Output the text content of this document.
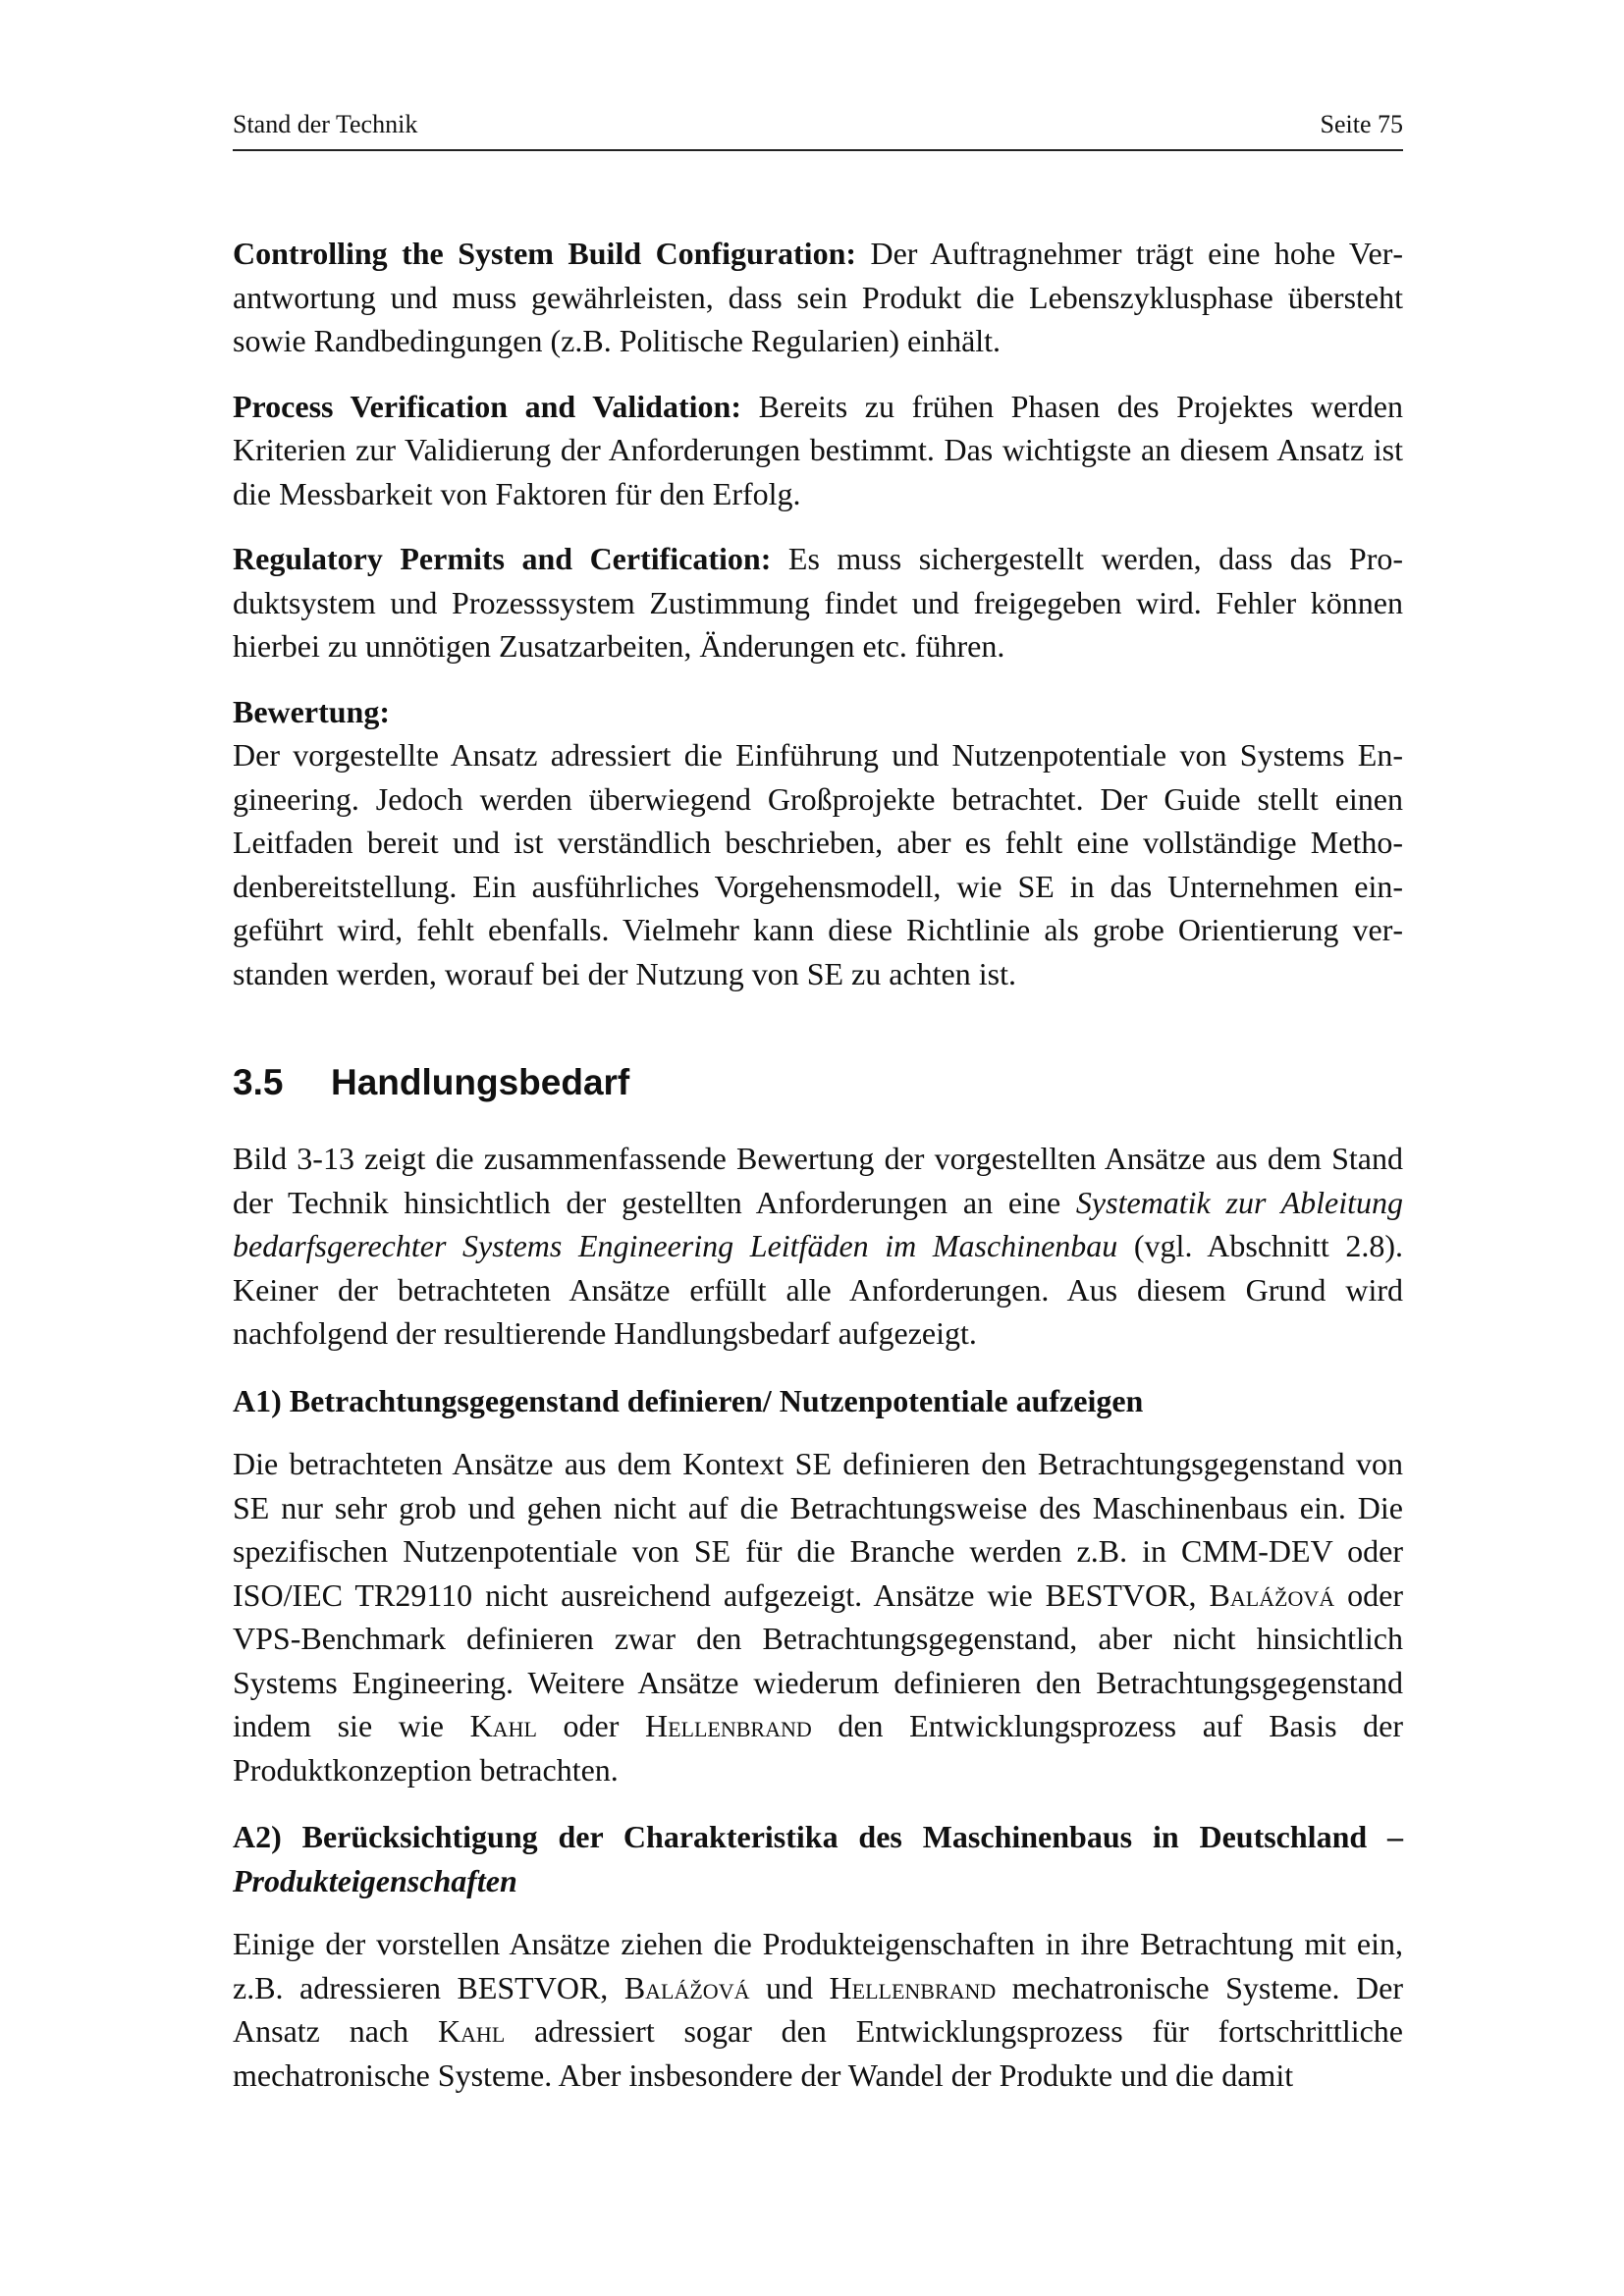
Stand der Technik	Seite 75

Controlling the System Build Configuration: Der Auftragnehmer trägt eine hohe Verantwortung und muss gewährleisten, dass sein Produkt die Lebenszyklusphase übersteht sowie Randbedingungen (z.B. Politische Regularien) einhält.

Process Verification and Validation: Bereits zu frühen Phasen des Projektes werden Kriterien zur Validierung der Anforderungen bestimmt. Das wichtigste an diesem Ansatz ist die Messbarkeit von Faktoren für den Erfolg.

Regulatory Permits and Certification: Es muss sichergestellt werden, dass das Produktsystem und Prozesssystem Zustimmung findet und freigegeben wird. Fehler können hierbei zu unnötigen Zusatzarbeiten, Änderungen etc. führen.

Bewertung:

Der vorgestellte Ansatz adressiert die Einführung und Nutzenpotentiale von Systems Engineering. Jedoch werden überwiegend Großprojekte betrachtet. Der Guide stellt einen Leitfaden bereit und ist verständlich beschrieben, aber es fehlt eine vollständige Methodenbereitstellung. Ein ausführliches Vorgehensmodell, wie SE in das Unternehmen eingeführt wird, fehlt ebenfalls. Vielmehr kann diese Richtlinie als grobe Orientierung verstanden werden, worauf bei der Nutzung von SE zu achten ist.

3.5 Handlungsbedarf

Bild 3-13 zeigt die zusammenfassende Bewertung der vorgestellten Ansätze aus dem Stand der Technik hinsichtlich der gestellten Anforderungen an eine Systematik zur Ableitung bedarfsgerechter Systems Engineering Leitfäden im Maschinenbau (vgl. Abschnitt 2.8). Keiner der betrachteten Ansätze erfüllt alle Anforderungen. Aus diesem Grund wird nachfolgend der resultierende Handlungsbedarf aufgezeigt.

A1) Betrachtungsgegenstand definieren/ Nutzenpotentiale aufzeigen

Die betrachteten Ansätze aus dem Kontext SE definieren den Betrachtungsgegenstand von SE nur sehr grob und gehen nicht auf die Betrachtungsweise des Maschinenbaus ein. Die spezifischen Nutzenpotentiale von SE für die Branche werden z.B. in CMM-DEV oder ISO/IEC TR29110 nicht ausreichend aufgezeigt. Ansätze wie BESTVOR, Balážová oder VPS-Benchmark definieren zwar den Betrachtungsgegenstand, aber nicht hinsichtlich Systems Engineering. Weitere Ansätze wiederum definieren den Betrachtungsgegenstand indem sie wie Kahl oder Hellenbrand den Entwicklungsprozess auf Basis der Produktkonzeption betrachten.

A2) Berücksichtigung der Charakteristika des Maschinenbaus in Deutschland – Produkteigenschaften

Einige der vorstellen Ansätze ziehen die Produkteigenschaften in ihre Betrachtung mit ein, z.B. adressieren BESTVOR, Balážová und Hellenbrand mechatronische Systeme. Der Ansatz nach Kahl adressiert sogar den Entwicklungsprozess für fortschrittliche mechatronische Systeme. Aber insbesondere der Wandel der Produkte und die damit
